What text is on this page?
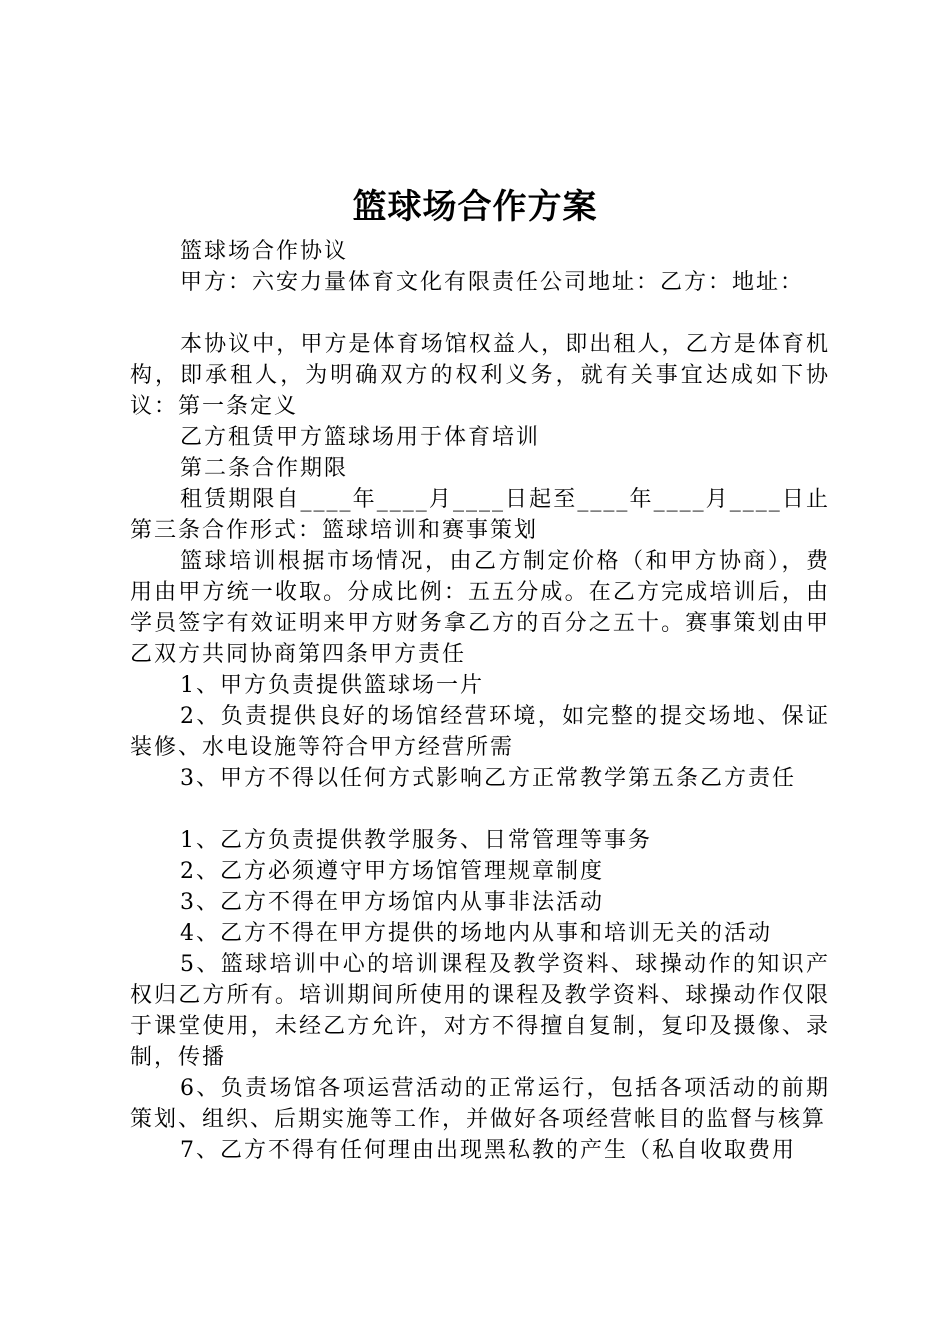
篮球场合作方案

篮球场合作协议

甲方：六安力量体育文化有限责任公司地址：乙方：地址：

本协议中，甲方是体育场馆权益人，即出租人，乙方是体育机构，即承租人，为明确双方的权利义务，就有关事宜达成如下协议：第一条定义

乙方租赁甲方篮球场用于体育培训

第二条合作期限

租赁期限自____年____月____日起至____年____月____日止第三条合作形式：篮球培训和赛事策划

篮球培训根据市场情况，由乙方制定价格（和甲方协商），费用由甲方统一收取。分成比例：五五分成。在乙方完成培训后，由学员签字有效证明来甲方财务拿乙方的百分之五十。赛事策划由甲乙双方共同协商第四条甲方责任

1、甲方负责提供篮球场一片

2、负责提供良好的场馆经营环境，如完整的提交场地、保证装修、水电设施等符合甲方经营所需

3、甲方不得以任何方式影响乙方正常教学第五条乙方责任

1、乙方负责提供教学服务、日常管理等事务

2、乙方必须遵守甲方场馆管理规章制度

3、乙方不得在甲方场馆内从事非法活动

4、乙方不得在甲方提供的场地内从事和培训无关的活动

5、篮球培训中心的培训课程及教学资料、球操动作的知识产权归乙方所有。培训期间所使用的课程及教学资料、球操动作仅限于课堂使用，未经乙方允许，对方不得擅自复制，复印及摄像、录制，传播

6、负责场馆各项运营活动的正常运行，包括各项活动的前期策划、组织、后期实施等工作，并做好各项经营帐目的监督与核算

7、乙方不得有任何理由出现黑私教的产生（私自收取费用
